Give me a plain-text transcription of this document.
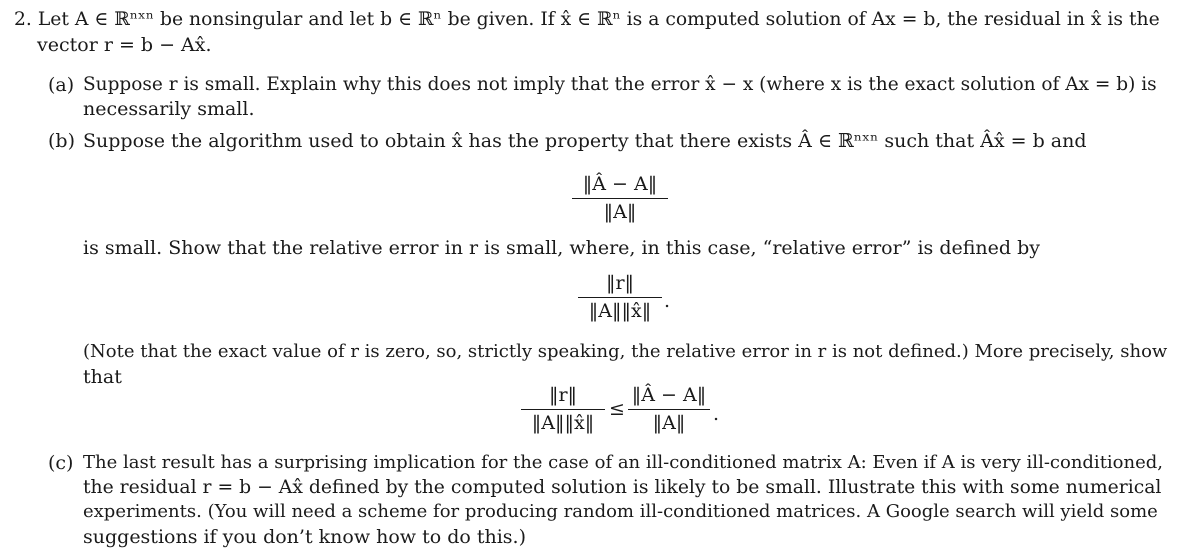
2. Let A ∈ ℝⁿˣⁿ be nonsingular and let b ∈ ℝⁿ be given. If x̂ ∈ ℝⁿ is a computed solution of Ax = b, the residual in x̂ is the
vector r = b − Ax̂.
(a) Suppose r is small. Explain why this does not imply that the error x̂ − x (where x is the exact solution of Ax = b) is
necessarily small.
(b) Suppose the algorithm used to obtain x̂ has the property that there exists Â ∈ ℝⁿˣⁿ such that Âx̂ = b and
‖Â − A‖
‖A‖
is small. Show that the relative error in r is small, where, in this case, “relative error” is defined by
‖r‖
‖A‖‖x̂‖ .
(Note that the exact value of r is zero, so, strictly speaking, the relative error in r is not defined.) More precisely, show
that
‖r‖
‖A‖‖x̂‖
≤
‖Â − A‖
‖A‖	.
(c) The last result has a surprising implication for the case of an ill-conditioned matrix A: Even if A is very ill-conditioned,
the residual r = b − Ax̂ defined by the computed solution is likely to be small. Illustrate this with some numerical
experiments. (You will need a scheme for producing random ill-conditioned matrices. A Google search will yield some
suggestions if you don’t know how to do this.)
